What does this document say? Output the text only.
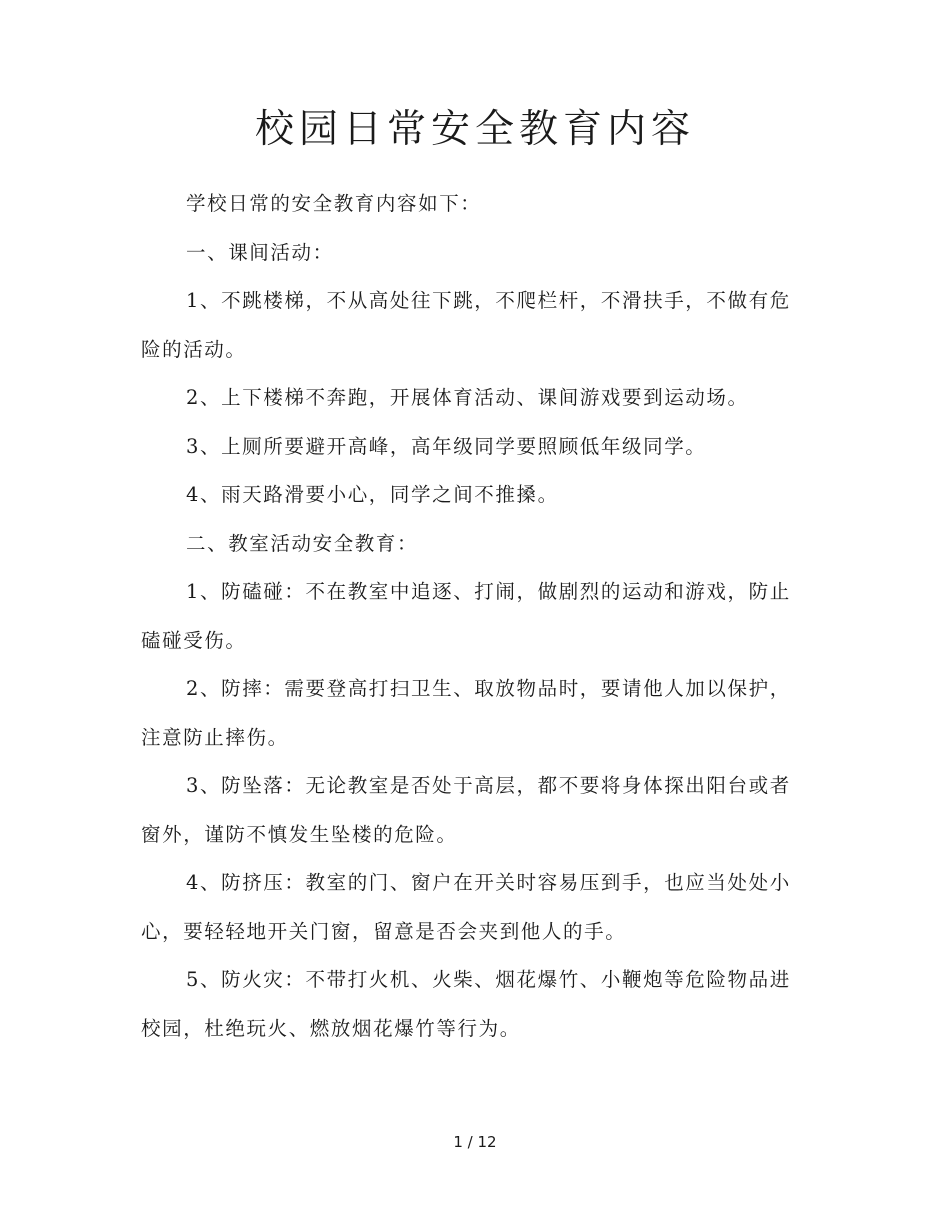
校园日常安全教育内容

学校日常的安全教育内容如下：

一、课间活动：

1、不跳楼梯，不从高处往下跳，不爬栏杆，不滑扶手，不做有危险的活动。

2、上下楼梯不奔跑，开展体育活动、课间游戏要到运动场。

3、上厕所要避开高峰，高年级同学要照顾低年级同学。

4、雨天路滑要小心，同学之间不推搡。

二、教室活动安全教育：

1、防磕碰：不在教室中追逐、打闹，做剧烈的运动和游戏，防止磕碰受伤。

2、防摔：需要登高打扫卫生、取放物品时，要请他人加以保护，注意防止摔伤。

3、防坠落：无论教室是否处于高层，都不要将身体探出阳台或者窗外，谨防不慎发生坠楼的危险。

4、防挤压：教室的门、窗户在开关时容易压到手，也应当处处小心，要轻轻地开关门窗，留意是否会夹到他人的手。

5、防火灾：不带打火机、火柴、烟花爆竹、小鞭炮等危险物品进校园，杜绝玩火、燃放烟花爆竹等行为。

1 / 12
